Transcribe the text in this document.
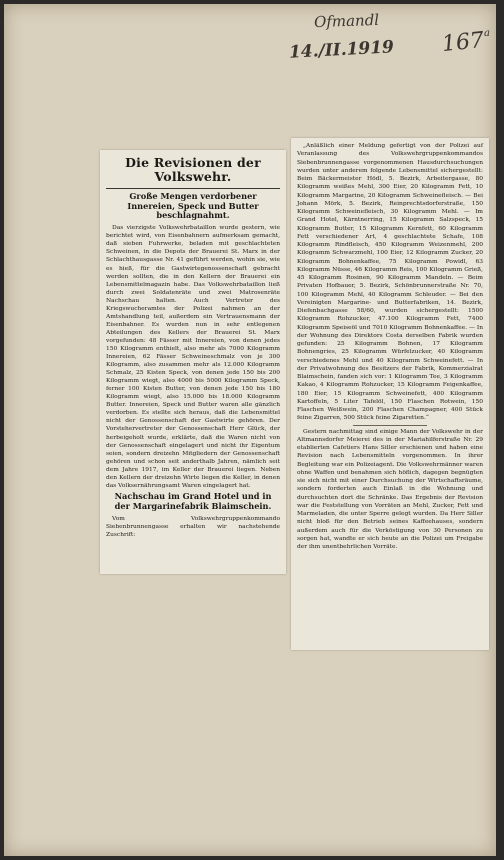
Ofmandl
14./II.1919 167
a
Die Revisionen der Volkswehr.
Große Mengen verdorbener Innereien, Speck und Butter beschlagnahmt.

Das vierzigste Volkswehrbataillon wurde gestern, wie berichtet wird, von Eisenbahnern aufmerksam gemacht, daß sieben Fuhrwerke, beladen mit geschlachteten Schweinen, in die Depots der Brauerei St. Marx in der Schlachthausgasse Nr. 41 geführt werden, wohin sie, wie es hieß, für die Gastwirtegenossenschaft gebracht werden sollten, die in den Kellern der Brauerei ein Lebensmittelmagazin habe. Das Volkswehrbataillon ließ durch zwei Soldatenräte und zwei Matrosenräte Nachschau halten. Auch Vertreter des Kriegswucheramtes der Polizei nahmen an der Amtshandlung teil, außerdem ein Vertrauensmann der Eisenbahner. Es wurden nun in sehr entlegenen Abteilungen des Kellers der Brauerei St. Marx vorgefunden: 48 Fässer mit Innereien, von denen jedes 150 Kilogramm enthielt, also mehr als 7000 Kilogramm Innereien, 62 Fässer Schweineschmalz von je 300 Kilogramm, also zusammen mehr als 12.000 Kilogramm Schmalz, 25 Kisten Speck, von denen jede 150 bis 200 Kilogramm wiegt, also 4000 bis 5000 Kilogramm Speck, ferner 100 Kisten Butter, von denen jede 150 bis 180 Kilogramm wiegt, also 15.000 bis 18.000 Kilogramm Butter. Innereien, Speck und Butter waren alle gänzlich verdorben. Es stellte sich heraus, daß die Lebensmittel nicht der Genossenschaft der Gastwirte gehören. Der Vorstehervertreter der Genossenschaft Herr Glück, der herbeigeholt wurde, erklärte, daß die Waren nicht von der Genossenschaft eingelagert und nicht ihr Eigentum seien, sondern dreizehn Mitgliedern der Genossenschaft gehören und schon seit anderthalb Jahren, nämlich seit dem Jahre 1917, im Keller der Brauerei liegen. Neben den Kellern der dreizehn Wirte liegen die Keller, in denen das Volksernährungsamt Waren eingelagert hat.

Nachschau im Grand Hotel und in der Margarinefabrik Blaimschein.

Vom Volkswehrgruppenkommando Siebenbrunnengasse erhalten wir nachstehende Zuschrift:

„Anläßlich einer Meldung gefertigt von der Polizei auf Veranlassung des Volkswehrgruppenkommandos Siebenbrunnengasse vorgenommenen Hausdurchsuchungen wurden unter anderem folgende Lebensmittel sichergestellt: Beim Bäckermeister Hödl, 5. Bezirk, Arbeitergasse, 80 Kilogramm weißes Mehl, 300 Eier, 20 Kilogramm Fett, 10 Kilogramm Margarine, 20 Kilogramm Schweinefleisch. — Bei Johann Mörk, 5. Bezirk, Reinprechtsdorferstraße, 150 Kilogramm Schweinefleisch, 30 Kilogramm Mehl. — Im Grand Hotel, Kärntnerring, 15 Kilogramm Salzspeck, 15 Kilogramm Butter, 15 Kilogramm Kernfett, 60 Kilogramm Fett verschiedener Art, 4 geschlachtete Schafe, 108 Kilogramm Rindfleisch, 450 Kilogramm Weizenmehl, 200 Kilogramm Schwarzmehl, 100 Eier, 12 Kilogramm Zucker, 20 Kilogramm Bohnenkaffee, 75 Kilogramm Powidl, 63 Kilogramm Nüsse, 46 Kilogramm Reis, 100 Kilogramm Grieß, 45 Kilogramm Rosinen, 90 Kilogramm Mandeln. — Beim Privaten Hofbauer, 5. Bezirk, Schönbrunnerstraße Nr. 70, 100 Kilogramm Mehl, 40 Kilogramm Schleuder. — Bei den Vereinigten Margarine- und Butterfabriken, 14. Bezirk, Diefenbachgasse 58/60, wurden sichergestellt: 1500 Kilogramm Rohzucker, 47.100 Kilogramm Fett, 7400 Kilogramm Speiseöl und 7010 Kilogramm Bohnenkaffee. — In der Wohnung des Direktors Costa derselben Fabrik wurden gefunden: 25 Kilogramm Bohnen, 17 Kilogramm Bohnengries, 25 Kilogramm Würfelzucker, 40 Kilogramm verschiedenes Mehl und 40 Kilogramm Schweinefett. — In der Privatwohnung des Besitzers der Fabrik, Kommerzialrat Blaimschein, fanden sich vor: 1 Kilogramm Tee, 3 Kilogramm Kakao, 4 Kilogramm Rohzucker, 15 Kilogramm Feigenkaffee, 180 Eier, 15 Kilogramm Schweinefett, 400 Kilogramm Kartoffeln, 5 Liter Tafelöl, 150 Flaschen Rotwein, 150 Flaschen Weißwein, 200 Flaschen Champagner, 400 Stück feine Zigarren, 500 Stück feine Zigaretten.“

Gestern nachmittag sind einige Mann der Volkswehr in der Altmannsdorfer Meierei des in der Mariahilferstraße Nr. 29 etablierten Cafetiers Hans Siller erschienen und haben eine Revision nach Lebensmitteln vorgenommen. In ihrer Begleitung war ein Polizeiagent. Die Volkswehrmänner waren ohne Waffen und benahmen sich höflich, dagegen begnügten sie sich nicht mit einer Durchsuchung der Wirtschaftsräume, sondern forderten auch Einlaß in die Wohnung und durchsuchten dort die Schränke. Das Ergebnis der Revision war die Feststellung von Vorräten an Mehl, Zucker, Fett und Marmeladen, die unter Sperre gelegt wurden. Da Herr Siller nicht bloß für den Betrieb seines Kaffeehauses, sondern außerdem auch für die Verköstigung von 30 Personen zu sorgen hat, wandte er sich heute an die Polizei um Freigabe der ihm unentbehrlichen Vorräte.
